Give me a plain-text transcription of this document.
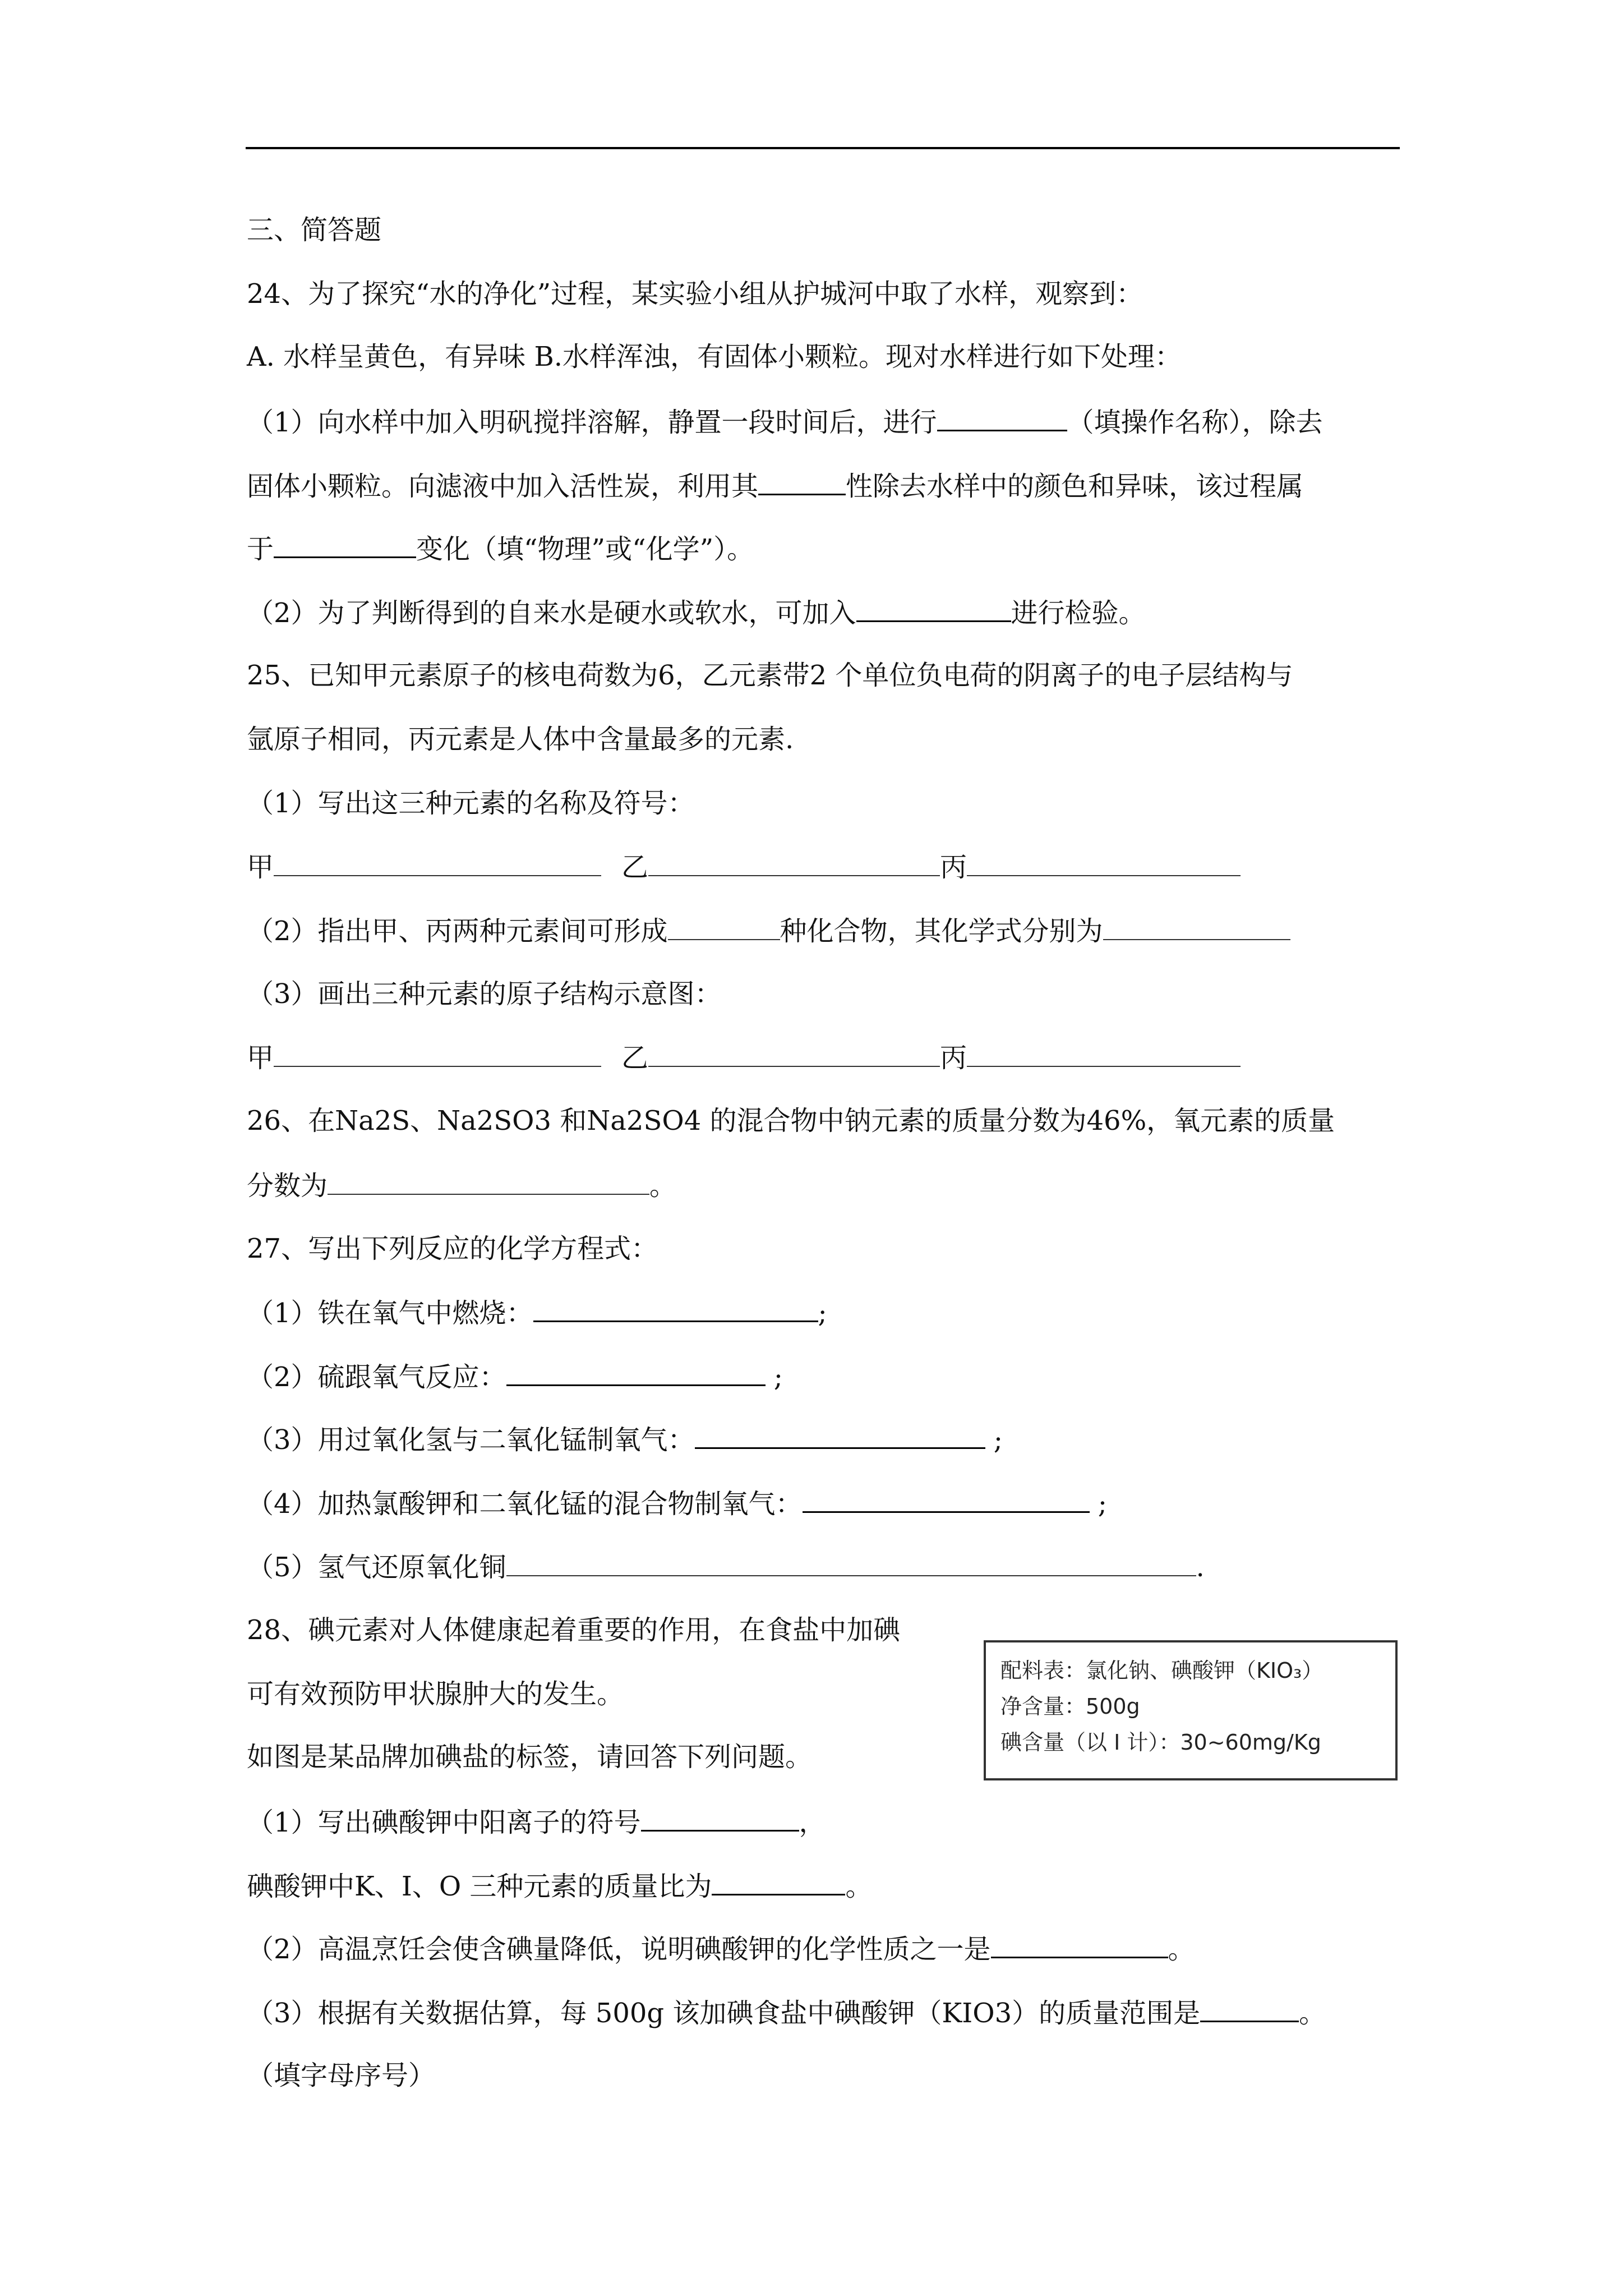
三、简答题
24、为了探究“水的净化”过程，某实验小组从护城河中取了水样，观察到：
A. 水样呈黄色，有异味 B.水样浑浊，有固体小颗粒。现对水样进行如下处理：
（1）向水样中加入明矾搅拌溶解，静置一段时间后，进行	（填操作名称），除去
固体小颗粒。向滤液中加入活性炭，利用其	性除去水样中的颜色和异味，该过程属
于	变化（填“物理”或“化学”）。
（2）为了判断得到的自来水是硬水或软水，可加入	进行检验。
25、已知甲元素原子的核电荷数为6，乙元素带2 个单位负电荷的阴离子的电子层结构与
氩原子相同，丙元素是人体中含量最多的元素.
（1）写出这三种元素的名称及符号：
甲	乙	丙
（2）指出甲、丙两种元素间可形成	种化合物，其化学式分别为
（3）画出三种元素的原子结构示意图：
甲	乙	丙
26、在Na2S、Na2SO3 和Na2SO4 的混合物中钠元素的质量分数为46%，氧元素的质量
分数为	。
27、写出下列反应的化学方程式：
（1）铁在氧气中燃烧：	;
（2）硫跟氧气反应：	;
（3）用过氧化氢与二氧化锰制氧气：	;
（4）加热氯酸钾和二氧化锰的混合物制氧气：	;
（5）氢气还原氧化铜	.
28、碘元素对人体健康起着重要的作用，在食盐中加碘
可有效预防甲状腺肿大的发生。
如图是某品牌加碘盐的标签，请回答下列问题。
配料表：氯化钠、碘酸钾（KIO₃）
净含量：500g
碘含量（以 I 计）：30~60mg/Kg
（1）写出碘酸钾中阳离子的符号	，
碘酸钾中K、I、O 三种元素的质量比为	。
（2）高温烹饪会使含碘量降低，说明碘酸钾的化学性质之一是	。
（3）根据有关数据估算，每 500g 该加碘食盐中碘酸钾（KIO3）的质量范围是	。
（填字母序号）
